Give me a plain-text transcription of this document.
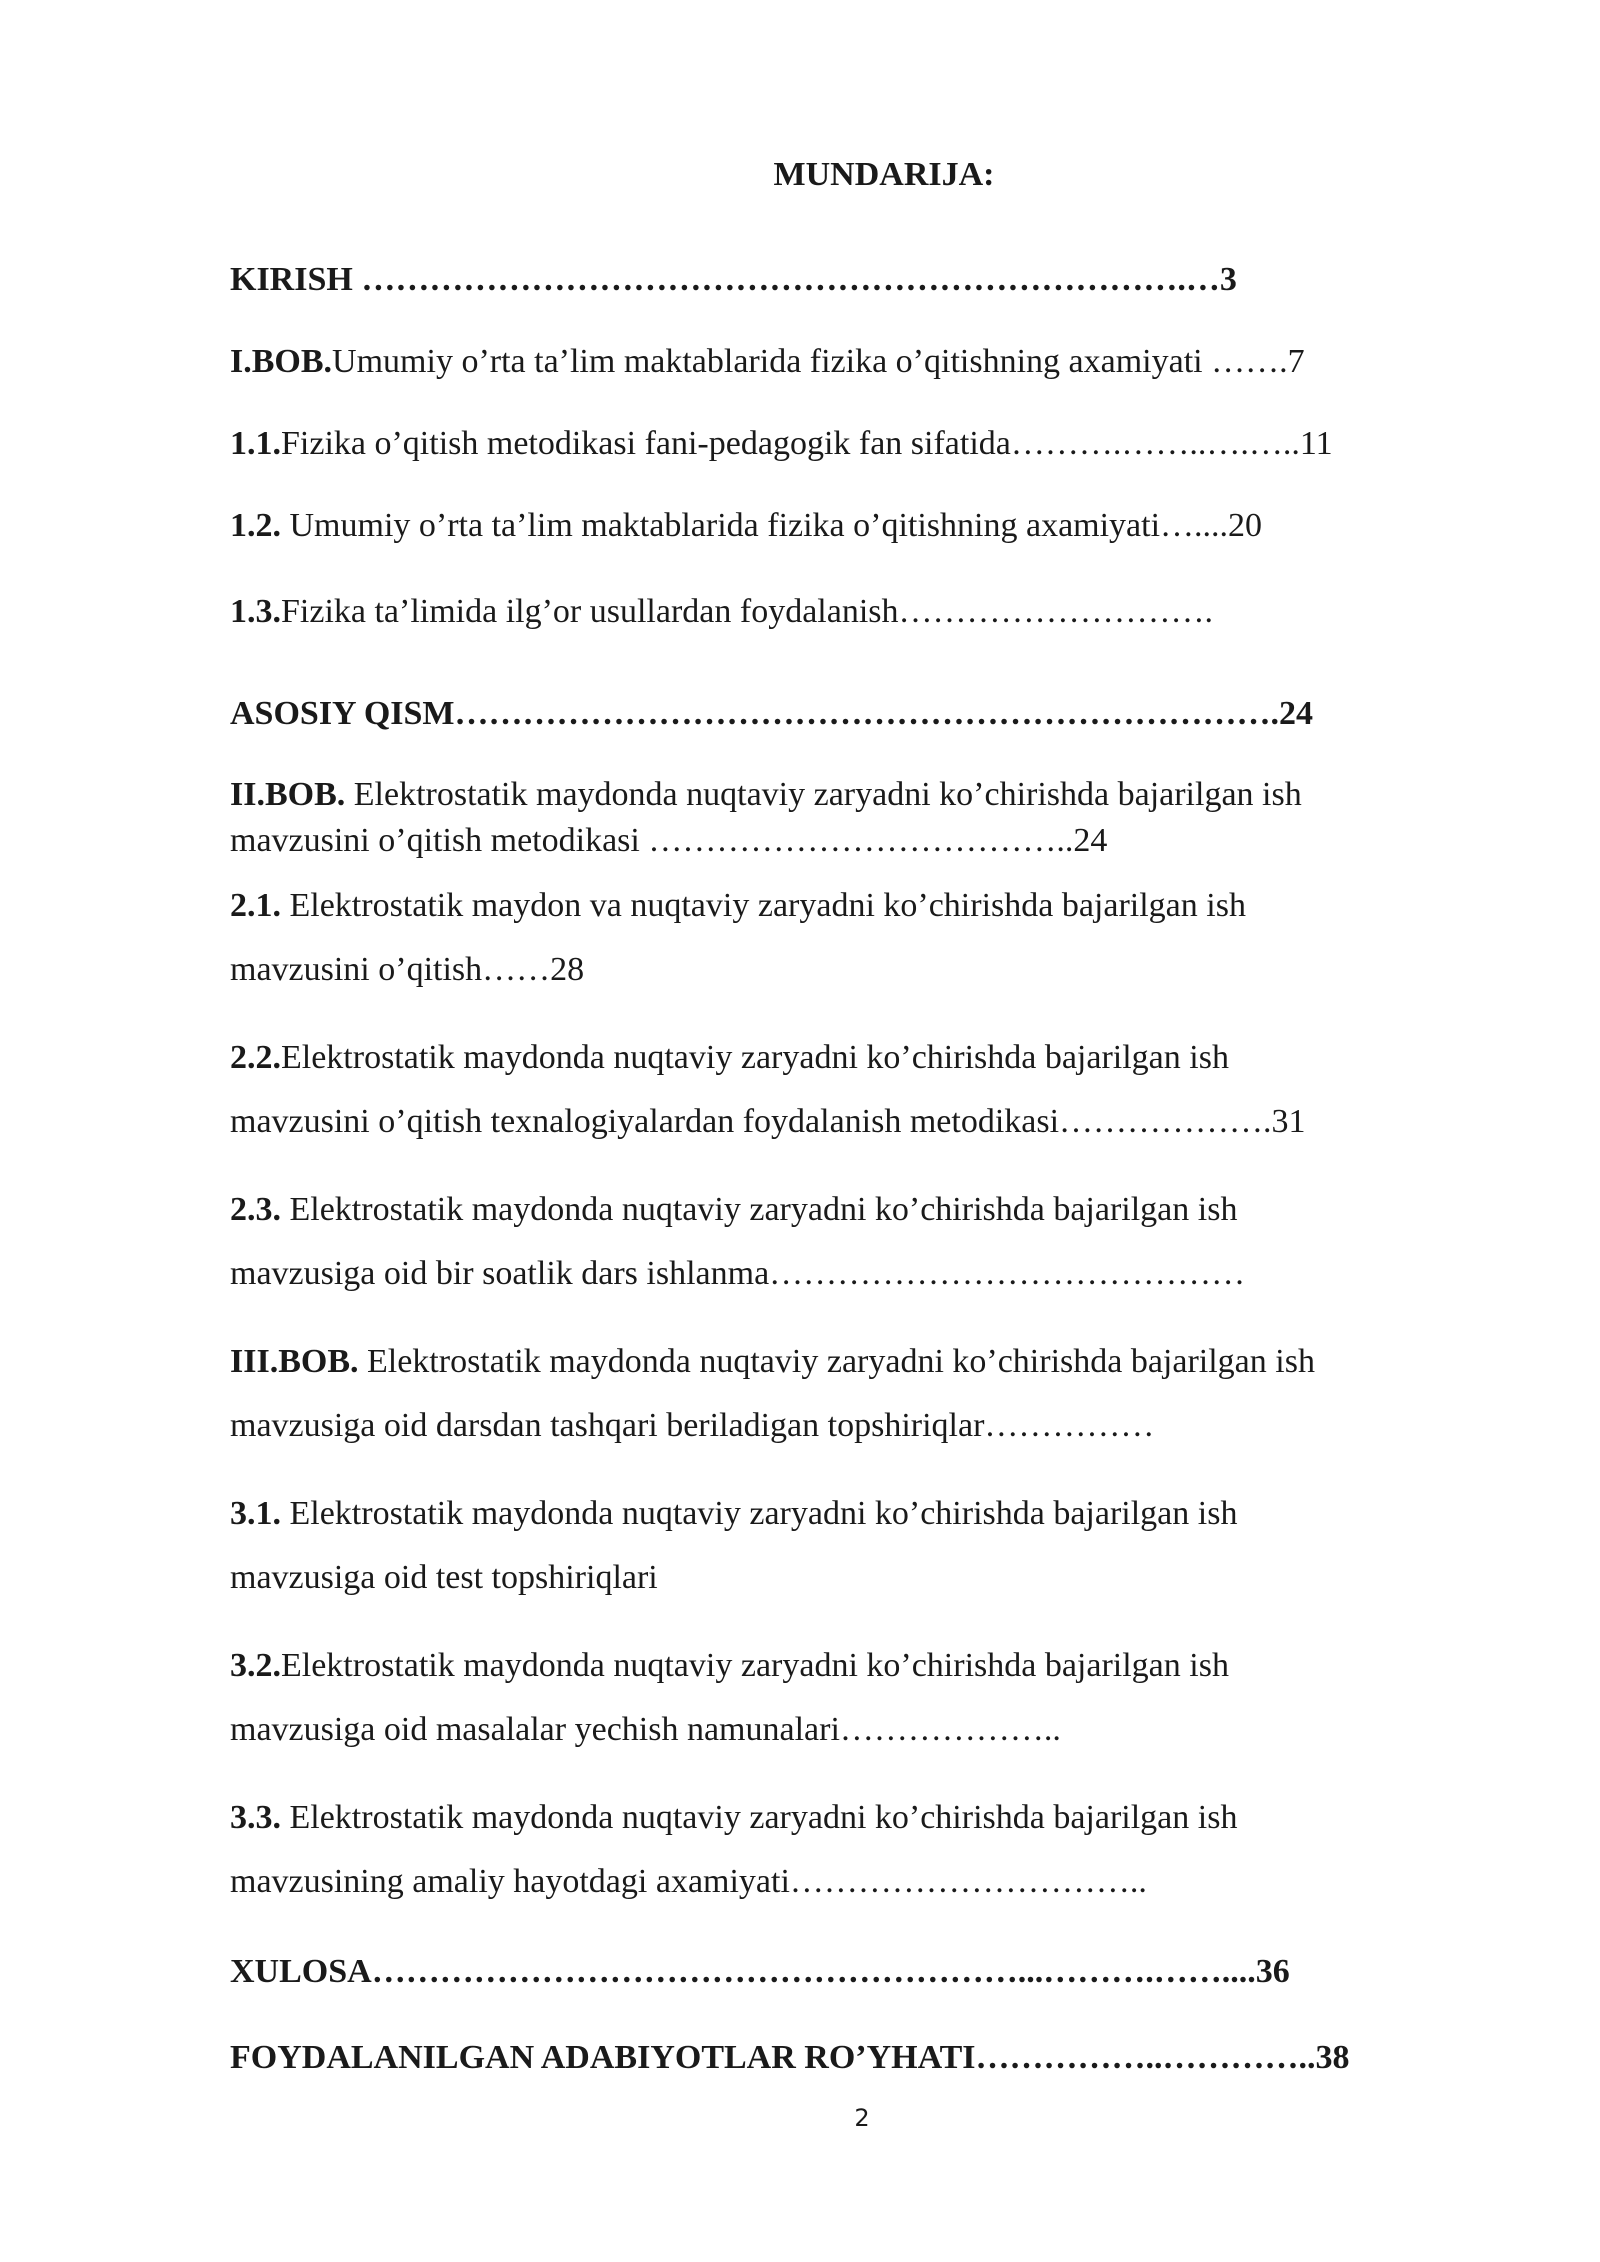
MUNDARIJA:
KIRISH ……………………………………………………………….…3
I.BOB.Umumiy o’rta ta’lim maktablarida fizika o’qitishning axamiyati …….7
1.1.Fizika o’qitish metodikasi fani-pedagogik fan sifatida……….……..….…..11
1.2. Umumiy o’rta ta’lim maktablarida fizika o’qitishning axamiyati…....20
1.3.Fizika ta’limida ilg’or usullardan foydalanish……………………….
ASOSIY QISM……………………………………………………………….24
II.BOB. Elektrostatik maydonda nuqtaviy zaryadni ko’chirishda bajarilgan ish
mavzusini o’qitish metodikasi ………………………………..24
2.1. Elektrostatik maydon va nuqtaviy zaryadni ko’chirishda bajarilgan ish
mavzusini o’qitish……28
2.2.Elektrostatik maydonda nuqtaviy zaryadni ko’chirishda bajarilgan ish
mavzusini o’qitish texnalogiyalardan foydalanish metodikasi……………….31
2.3. Elektrostatik maydonda nuqtaviy zaryadni ko’chirishda bajarilgan ish
mavzusiga oid bir soatlik dars ishlanma……………………………………
III.BOB. Elektrostatik maydonda nuqtaviy zaryadni ko’chirishda bajarilgan ish
mavzusiga oid darsdan tashqari beriladigan topshiriqlar……………
3.1. Elektrostatik maydonda nuqtaviy zaryadni ko’chirishda bajarilgan ish
mavzusiga oid test topshiriqlari
3.2.Elektrostatik maydonda nuqtaviy zaryadni ko’chirishda bajarilgan ish
mavzusiga oid masalalar yechish namunalari………………..
3.3. Elektrostatik maydonda nuqtaviy zaryadni ko’chirishda bajarilgan ish
mavzusining amaliy hayotdagi axamiyati…………………………..
XULOSA…………………………………………………...……….……....36
FOYDALANILGAN ADABIYOTLAR RO’YHATI……………..…………..38
2
